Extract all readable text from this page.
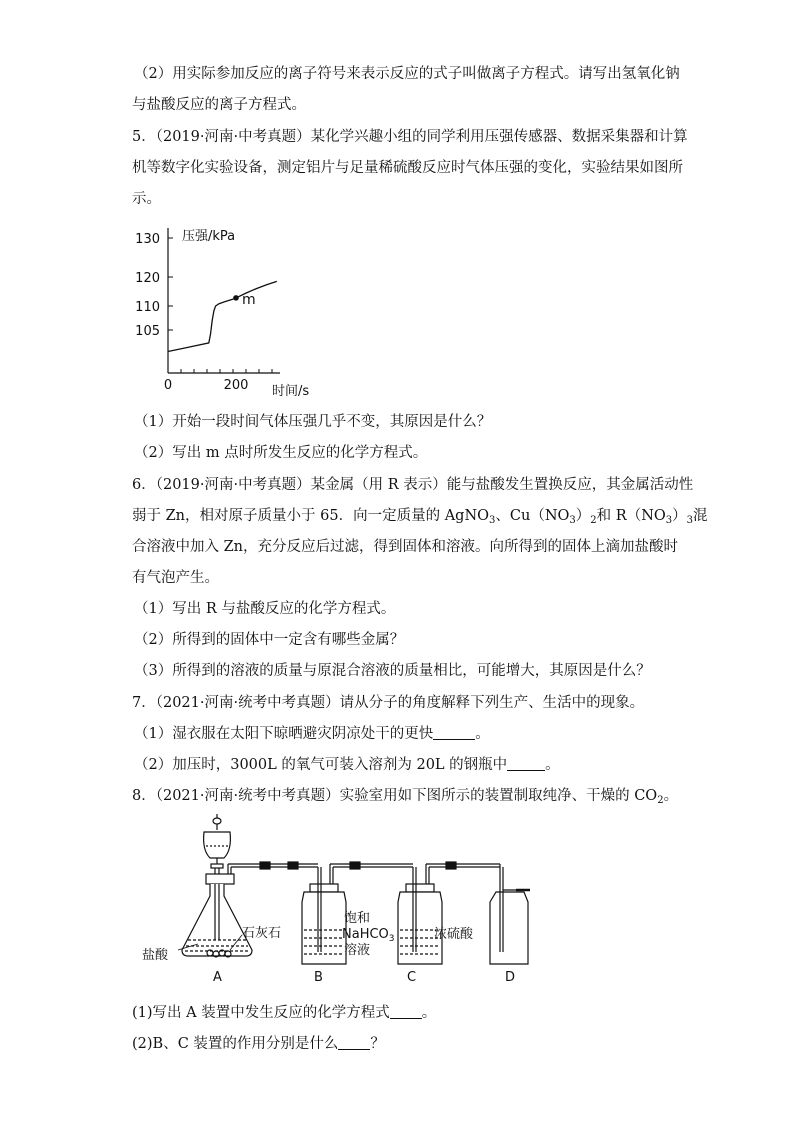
（2）用实际参加反应的离子符号来表示反应的式子叫做离子方程式。请写出氢氧化钠
与盐酸反应的离子方程式。
5．（2019·河南·中考真题）某化学兴趣小组的同学利用压强传感器、数据采集器和计算
机等数字化实验设备，测定铝片与足量稀硫酸反应时气体压强的变化，实验结果如图所
示。
130
120
110
105
0	200
压强/kPa
时间/s
m
（1）开始一段时间气体压强几乎不变，其原因是什么？
（2）写出 m 点时所发生反应的化学方程式。
6．（2019·河南·中考真题）某金属（用 R 表示）能与盐酸发生置换反应，其金属活动性
弱于 Zn，相对原子质量小于 65．向一定质量的 AgNO$_3$、$Cu(NO_3)_2$和 $R(NO_3)_3$混
合溶液中加入 Zn，充分反应后过滤，得到固体和溶液。向所得到的固体上滴加盐酸时
有气泡产生。
（1）写出 R 与盐酸反应的化学方程式。
（2）所得到的固体中一定含有哪些金属？
（3）所得到的溶液的质量与原混合溶液的质量相比，可能增大，其原因是什么？
7．（2021·河南·统考中考真题）请从分子的角度解释下列生产、生活中的现象。
（1）湿衣服在太阳下晾晒避灾阴凉处干的更快	。
（2）加压时，3000L 的氧气可装入溶剂为 20L 的钢瓶中	。
8．（2021·河南·统考中考真题）实验室用如下图所示的装置制取纯净、干燥的 $CO_2$。
盐酸
石灰石
饱和
NaHCO$_3$
溶液
浓硫酸
A	B	C	D
(1)写出 A 装置中发生反应的化学方程式 。
(2)B、C 装置的作用分别是什么 ？
